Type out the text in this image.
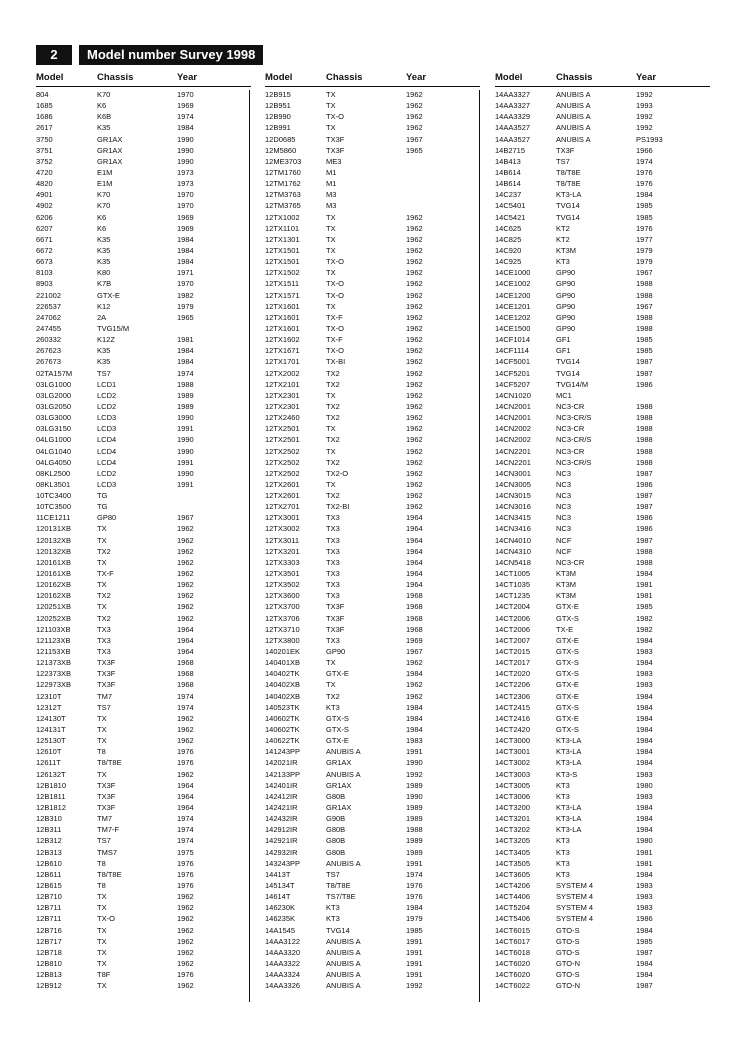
2	Model number Survey 1998
Model	Chassis	Year
804	K70	1970
1685	K6	1969
1686	K6B	1974
2617	K35	1984
3750	GR1AX	1990
3751	GR1AX	1990
3752	GR1AX	1990
4720	E1M	1973
4820	E1M	1973
4901	K70	1970
4902	K70	1970
6206	K6	1969
6207	K6	1969
6671	K35	1984
6672	K35	1984
6673	K35	1984
8103	K80	1971
8903	K7B	1970
221002	GTX-E	1982
226537	K12	1979
247062	2A	1965
247455	TVG15/M
260332	K12Z	1981
267623	K35	1984
267673	K35	1984
02TA157M	TS7	1974
03LG1000	LCD1	1988
03LG2000	LCD2	1989
03LG2050	LCD2	1989
03LG3000	LCD3	1990
03LG3150	LCD3	1991
04LG1000	LCD4	1990
04LG1040	LCD4	1990
04LG4050	LCD4	1991
08KL2500	LCD2	1990
08KL3501	LCD3	1991
10TC3400	TG
10TC3500	TG
11CE1211	GP80	1967
120131XB	TX	1962
120132XB	TX	1962
120132XB	TX2	1962
120161XB	TX	1962
120161XB	TX-F	1962
120162XB	TX	1962
120162XB	TX2	1962
120251XB	TX	1962
120252XB	TX2	1962
121103XB	TX3	1964
121123XB	TX3	1964
121153XB	TX3	1964
121373XB	TX3F	1968
122373XB	TX3F	1968
122973XB	TX3F	1968
12310T	TM7	1974
12312T	TS7	1974
124130T	TX	1962
124131T	TX	1962
125130T	TX	1962
12610T	T8	1976
12611T	T8/T8E	1976
126132T	TX	1962
12B1810	TX3F	1964
12B1811	TX3F	1964
12B1812	TX3F	1964
12B310	TM7	1974
12B311	TM7-F	1974
12B312	TS7	1974
12B313	TMS7	1975
12B610	T8	1976
12B611	T8/T8E	1976
12B615	T8	1976
12B710	TX	1962
12B711	TX	1962
12B711	TX-O	1962
12B716	TX	1962
12B717	TX	1962
12B718	TX	1962
12B810	TX	1962
12B813	T8F	1976
12B912	TX	1962
Model	Chassis	Year
12B915	TX	1962
12B951	TX	1962
12B990	TX-O	1962
12B991	TX	1962
12D0685	TX3F	1967
12M5860	TX3F	1965
12ME3703	ME3
12TM1760	M1
12TM1762	M1
12TM3763	M3
12TM3765	M3
12TX1002	TX	1962
12TX1101	TX	1962
12TX1301	TX	1962
12TX1501	TX	1962
12TX1501	TX-O	1962
12TX1502	TX	1962
12TX1511	TX-O	1962
12TX1571	TX-O	1962
12TX1601	TX	1962
12TX1601	TX-F	1962
12TX1601	TX-O	1962
12TX1602	TX-F	1962
12TX1671	TX-O	1962
12TX1701	TX-BI	1962
12TX2002	TX2	1962
12TX2101	TX2	1962
12TX2301	TX	1962
12TX2301	TX2	1962
12TX2460	TX2	1962
12TX2501	TX	1962
12TX2501	TX2	1962
12TX2502	TX	1962
12TX2502	TX2	1962
12TX2502	TX2-O	1962
12TX2601	TX	1962
12TX2601	TX2	1962
12TX2701	TX2-BI	1962
12TX3001	TX3	1964
12TX3002	TX3	1964
12TX3011	TX3	1964
12TX3201	TX3	1964
12TX3303	TX3	1964
12TX3501	TX3	1964
12TX3502	TX3	1964
12TX3600	TX3	1968
12TX3700	TX3F	1968
12TX3706	TX3F	1968
12TX3710	TX3F	1968
12TX3800	TX3	1969
140201EK	GP90	1967
140401XB	TX	1962
140402TK	GTX-E	1984
140402XB	TX	1962
140402XB	TX2	1962
140523TK	KT3	1984
140602TK	GTX-S	1984
140602TK	GTX-S	1984
140622TK	GTX-E	1983
141243PP	ANUBIS A	1991
142021IR	GR1AX	1990
142133PP	ANUBIS A	1992
142401IR	GR1AX	1989
142412IR	G80B	1990
142421IR	GR1AX	1989
142432IR	G90B	1989
142912IR	G80B	1988
142921IR	G80B	1989
142932IR	G80B	1989
143243PP	ANUBIS A	1991
14413T	TS7	1974
145134T	T8/T8E	1976
14614T	TS7/T8E	1976
146230K	KT3	1984
146235K	KT3	1979
14A1545	TVG14	1985
14AA3122	ANUBIS A	1991
14AA3320	ANUBIS A	1991
14AA3322	ANUBIS A	1991
14AA3324	ANUBIS A	1991
14AA3326	ANUBIS A	1992
Model	Chassis	Year
14AA3327	ANUBIS A	1992
14AA3327	ANUBIS A	1993
14AA3329	ANUBIS A	1992
14AA3527	ANUBIS A	1992
14AA3527	ANUBIS A	PS1993
14B2715	TX3F	1966
14B413	TS7	1974
14B614	T8/T8E	1976
14B614	T8/T8E	1976
14C237	KT3-LA	1984
14C5401	TVG14	1985
14C5421	TVG14	1985
14C625	KT2	1976
14C825	KT2	1977
14C920	KT3M	1979
14C925	KT3	1979
14CE1000	GP90	1967
14CE1002	GP90	1988
14CE1200	GP90	1988
14CE1201	GP90	1967
14CE1202	GP90	1988
14CE1500	GP90	1988
14CF1014	GF1	1985
14CF1114	GF1	1985
14CF5001	TVG14	1987
14CF5201	TVG14	1987
14CF5207	TVG14/M	1986
14CN1020	MC1
14CN2001	NC3-CR	1988
14CN2001	NC3-CR/S	1988
14CN2002	NC3-CR	1988
14CN2002	NC3-CR/S	1988
14CN2201	NC3-CR	1988
14CN2201	NC3-CR/S	1988
14CN3001	NC3	1987
14CN3005	NC3	1986
14CN3015	NC3	1987
14CN3016	NC3	1987
14CN3415	NC3	1986
14CN3416	NC3	1986
14CN4010	NCF	1987
14CN4310	NCF	1988
14CN5418	NC3-CR	1988
14CT1005	KT3M	1984
14CT1035	KT3M	1981
14CT1235	KT3M	1981
14CT2004	GTX-E	1985
14CT2006	GTX-S	1982
14CT2006	TX-E	1982
14CT2007	GTX-E	1984
14CT2015	GTX-S	1983
14CT2017	GTX-S	1984
14CT2020	GTX-S	1983
14CT2206	GTX-E	1983
14CT2306	GTX-E	1984
14CT2415	GTX-S	1984
14CT2416	GTX-E	1984
14CT2420	GTX-S	1984
14CT3000	KT3-LA	1984
14CT3001	KT3-LA	1984
14CT3002	KT3-LA	1984
14CT3003	KT3-S	1983
14CT3005	KT3	1980
14CT3006	KT3	1983
14CT3200	KT3-LA	1984
14CT3201	KT3-LA	1984
14CT3202	KT3-LA	1984
14CT3205	KT3	1980
14CT3405	KT3	1981
14CT3505	KT3	1981
14CT3605	KT3	1984
14CT4206	SYSTEM 4	1983
14CT4406	SYSTEM 4	1983
14CT5204	SYSTEM 4	1983
14CT5406	SYSTEM 4	1986
14CT6015	GTO-S	1984
14CT6017	GTO-S	1985
14CT6018	GTO-S	1987
14CT6020	GTO-N	1984
14CT6020	GTO-S	1984
14CT6022	GTO-N	1987
